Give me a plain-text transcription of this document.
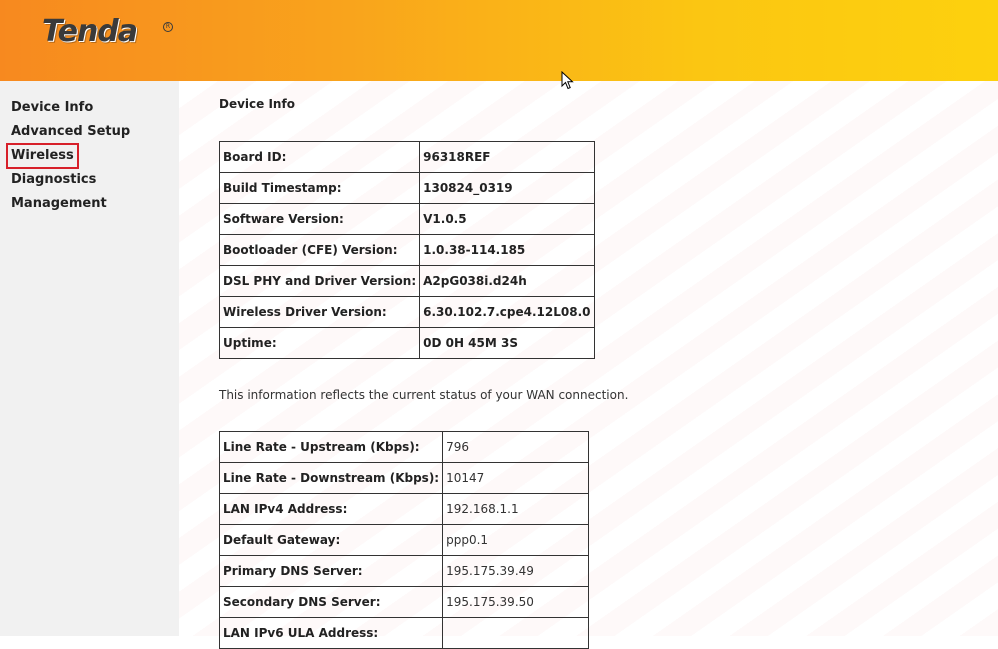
Tenda	R
Device Info
Advanced Setup
Wireless
Diagnostics
Management
Device Info
Board ID:	96318REF
Build Timestamp:	130824_0319
Software Version:	V1.0.5
Bootloader (CFE) Version:	1.0.38-114.185
DSL PHY and Driver Version:	A2pG038i.d24h
Wireless Driver Version:	6.30.102.7.cpe4.12L08.0
Uptime:	0D 0H 45M 3S
This information reflects the current status of your WAN connection.
Line Rate - Upstream (Kbps):	796
Line Rate - Downstream (Kbps):	10147
LAN IPv4 Address:	192.168.1.1
Default Gateway:	ppp0.1
Primary DNS Server:	195.175.39.49
Secondary DNS Server:	195.175.39.50
LAN IPv6 ULA Address:	
